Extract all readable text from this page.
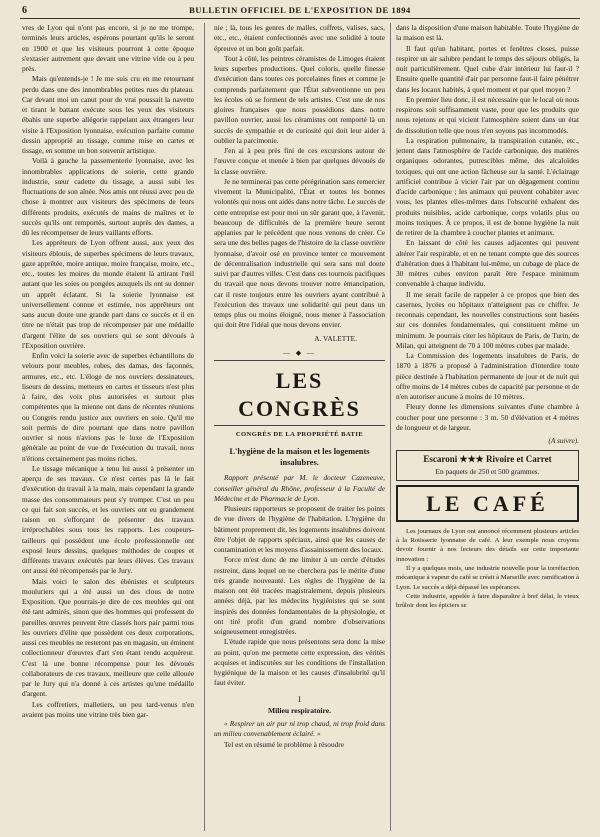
6	BULLETIN OFFICIEL DE L'EXPOSITION DE 1894

vres de Lyon qui n'ont pas encore, si je ne me trompe, terminés leurs articles, espérons pourtant qu'ils le seront en 1900 et que les visiteurs pourront à cette époque s'extasier autrement que devant une vitrine vide ou à peu près.

Mais qu'entends-je ! Je me suis cru en me retournant perdu dans une des innombrables petites rues du plateau. Car devant moi un canut pour de vrai poussait la navette et tirant le battant exécute sous les yeux des visiteurs ébahis une superbe allégorie rappelant aux étrangers leur visite à l'Exposition lyonnaise, exécution parfaite comme dessin approprié au tissage, comme mise en cartes et tissage, en somme un bon souvenir artistique.

Voilà à gauche la passementerie lyonnaise, avec les innombrables applications de soierie, cette grande industrie, sœur cadette du tissage, a aussi subi les fluctuations de son aînée. Nos amis ont réussi avec peu de chose à montrer aux visiteurs des spécimens de leurs différents produits, exécutés de mains de maîtres et le succès qu'ils ont remportés, surtout auprès des dames, a dû les récompenser de leurs vaillants efforts.

Les appréteurs de Lyon offrent aussi, aux yeux des visiteurs éblouis, de superbes spécimens de leurs travaux, gaze apprêtée, moire antique, moire française, moire, etc., etc., toutes les moires du monde étaient là attirant l'œil autant que les soies ou pongées auxquels ils ont su donner un apprêt éclatant. Si la soierie lyonnaise est universellement connue et estimée, nos apprêteurs ont sans aucun doute une grande part dans ce succès et il en titre ne n'était pas trop de récompenser par une médaille d'argent l'élite de ses ouvriers qui se sont dévoués à l'Exposition ouvrière.

Enfin voici la soierie avec de superbes échantillons de velours pour meubles, robes, des damas, des façonnés, armures, etc., etc. L'éloge de nos ouvriers dessinateurs, liseurs de dessins, metteurs en cartes et tisseurs n'est plus à faire, des voix plus autorisées et surtout plus compétentes que la mienne ont dans de récentes réunions ou Congrès rendu justice aux ouvriers en soie. Qu'il me soit permis de dire pourtant que dans notre pavillon ouvrier si nous n'avions pas le luxe de l'Exposition générale au point de vue de l'exécution du travail, nous n'étions certainement pas moins riches.

Le tissage mécanique a tenu lui aussi à présenter un aperçu de ses travaux. Ce n'est certes pas là le fait d'exécution du travail à la main, mais cependant la grande masse des consommateurs peut s'y tromper. C'est un peu ce qui fait son succès, et les ouvriers ont eu grandement raison en s'efforçant de présenter des travaux irréprochables sous tous les rapports. Les coupeurs-tailleurs qui possèdent une école professionnelle ont exposé leurs dessins, quelques méthodes de coupes et différents travaux exécutés par leurs élèves. Ces travaux ont aussi été récompensés par le Jury.

Mais voici le salon des ébénistes et sculpteurs mouluriers qui a été aussi un des clous de notre Exposition. Que pourrais-je dire de ces meubles qui ont été tant admirés, sinon que des hommes qui professent de pareilles œuvres peuvent être classés hors pair parmi tous les ouvriers d'élite que possèdent ces deux corporations, aussi ces meubles ne resteront pas en magasin, un éminent collectionneur d'œuvres d'art s'en étant rendu acquéreur. C'est là une bonne récompense pour les dévoués collaborateurs de ces travaux, meilleure que celle allouée par le Jury qui n'a donné à ces artistes qu'une médaille d'argent.

Les coffretiers, malletiers, un peu tard-venus n'en avaient pas moins une vitrine très bien gar-

nie ; là, tous les genres de malles, coffrets, valises, sacs, etc., etc., étaient confectionnés avec une solidité à toute épreuve et un bon goût parfait.

Tout à côté, les peintres céramistes de Limoges étaient leurs superbes productions. Quel coloris, quelle finesse d'exécution dans toutes ces porcelaines fines et comme je comprends parfaitement que l'État subventionne un peu les écoles où se forment de tels artistes. C'est une de nos gloires françaises que nous possédions dans notre pavillon ouvrier, aussi les céramistes ont remporté là un succès de sympathie et de curiosité qui doit leur aider à oublier la parcimonie.

J'en ai à peu près fini de ces excursions autour de l'œuvre conçue et menée à bien par quelques dévoués de la classe ouvrière.

Je ne terminerai pas cette pérégrination sans remercier vivement la Municipalité, l'État et toutes les bonnes volontés qui nous ont aidés dans notre tâche. Le succès de cette entreprise est pour moi un sûr garant que, à l'avenir, beaucoup de difficultés de la première heure seront applanies par le précédent que nous venons de créer. Ce sera une des belles pages de l'histoire de la classe ouvrière lyonnaise, d'avoir osé en province tenter ce mouvement de décentralisation industrielle qui sera sans nul doute suivi par d'autres villes. C'est dans ces tournois pacifiques du travail que nous devons trouver notre émancipation, car il reste toujours entre les ouvriers ayant contribué à l'exécution des travaux une solidarité qui peut dans un temps plus ou moins éloigné, nous mener à l'association qui doit être l'idéal que nous devons envier.

A. VALETTE.
— ◆ —
LES CONGRÈS
CONGRÈS DE LA PROPRIÉTÉ BATIE
L'hygiène de la maison et les logements insalubres.

Rapport présenté par M. le docteur Cazeneuve, conseiller général du Rhône, professeur à la Faculté de Médecine et de Pharmacie de Lyon.

Plusieurs rapporteurs se proposent de traiter les points de vue divers de l'hygiène de l'habitation. L'hygiène du bâtiment proprement dit, les logements insalubres doivent être l'objet de rapports spéciaux, ainsi que les causes de contamination et les moyens d'assainissement des locaux.

Force m'est donc de me limiter à un cercle d'études restreint, dans lequel on ne cherchera pas le mérite d'une très grande nouveauté. Les règles de l'hygiène de la maison ont été tracées magistralement, depuis plusieurs années déjà, par les médecins hygiénistes qui se sont inspirés des données fondamentales de la physiologie, et ont tiré profit d'un grand nombre d'observations soigneusement enregistrées.

L'étude rapide que nous présentons sera donc la mise au point, qu'on me permette cette expression, des vérités acquises et indiscutées sur les conditions de l'installation hygiénique de la maison et les causes d'insalubrité qu'il faut éviter.

I
Milieu respiratoire.

« Respirer un air pur ni trop chaud, ni trop froid dans un milieu convenablement éclairé. »

Tel est en résumé le problème à résoudre

dans la disposition d'une maison habitable. Toute l'hygiène de la maison est là.

Il faut qu'un habitant, portes et fenêtres closes, puisse respirer un air salubre pendant le temps des séjours obligés, la nuit particulièrement. Quel cube d'air intérieur lui faut-il ? Ensuite quelle quantité d'air par personne faut-il faire pénétrer dans les locaux habités, à quel moment et par quel moyen ?

En premier lieu donc, il est nécessaire que le local où nous respirons soit suffisamment vaste, pour que les produits que nous rejetons et qui vicient l'atmosphère soient dans un état de dissolution telle que nous n'en soyons pas incommodés.

La respiration pulmonaire, la transpiration cutanée, etc., jettent dans l'atmosphère de l'acide carbonique, des matières organiques odorantes, putrescibles même, des alcaloïdes toxiques, qui ont une action fâcheuse sur la santé. L'éclairage artificiel contribue à vicier l'air par un dégagement continu d'acide carbonique ; les animaux qui peuvent cohabiter avec vous, les plantes elles-mêmes dans l'obscurité exhalent des produits nuisibles, acide carbonique, corps volatils plus ou moins toxiques. À ce propos, il est de bonne hygiène la nuit de retirer de la chambre à coucher plantes et animaux.

En laissant de côté les causes adjacentes qui peuvent altérer l'air respirable, et en ne tenant compte que des sources d'altération dues à l'habitant lui-même, un cubage de place de 30 mètres cubes environ paraît être l'espace minimum convenable à chaque individu.

Il me serait facile de rappeler à ce propos que bien des casernes, lycées ou hôpitaux n'atteignent pas ce chiffre. Je reconnais cependant, les nouvelles constructions sont basées sur ces données fondamentales, qui constituent même un minimum. Je pourrais citer les hôpitaux de Paris, de Turin, de Milan, qui atteignent de 70 à 100 mètres cubes par malade.

La Commission des logements insalubres de Paris, de 1870 à 1876 a proposé à l'administration d'interdire toute pièce destinée à l'habitation permanente de jour et de nuit qui offre moins de 14 mètres cubes de capacité par personne et de n'en autoriser aucune à moins de 10 mètres.

Fleury donne les dimensions suivantes d'une chambre à coucher pour une personne : 3 m. 50 d'élévation et 4 mètres de longueur et de largeur.

(A suivre).
Escaroni ★★★ Rivoire et Carret
En paquets de 250 et 500 grammes.
LE CAFÉ

Les journaux de Lyon ont annoncé récemment plusieurs articles à la Rotisserie lyonnaise de café. A leur exemple nous croyons devoir fournir à nos lecteurs des détails sur cette importante innovation :

Il y a quelques mois, une industrie nouvelle pour la torréfaction mécanique à vapeur du café se créait à Marseille avec ramification à Lyon. Le succès a déjà dépassé les espérances.

Cette industrie, appelée à faire disparaître à bref délai, le vieux brûloir dont les épiciers se
